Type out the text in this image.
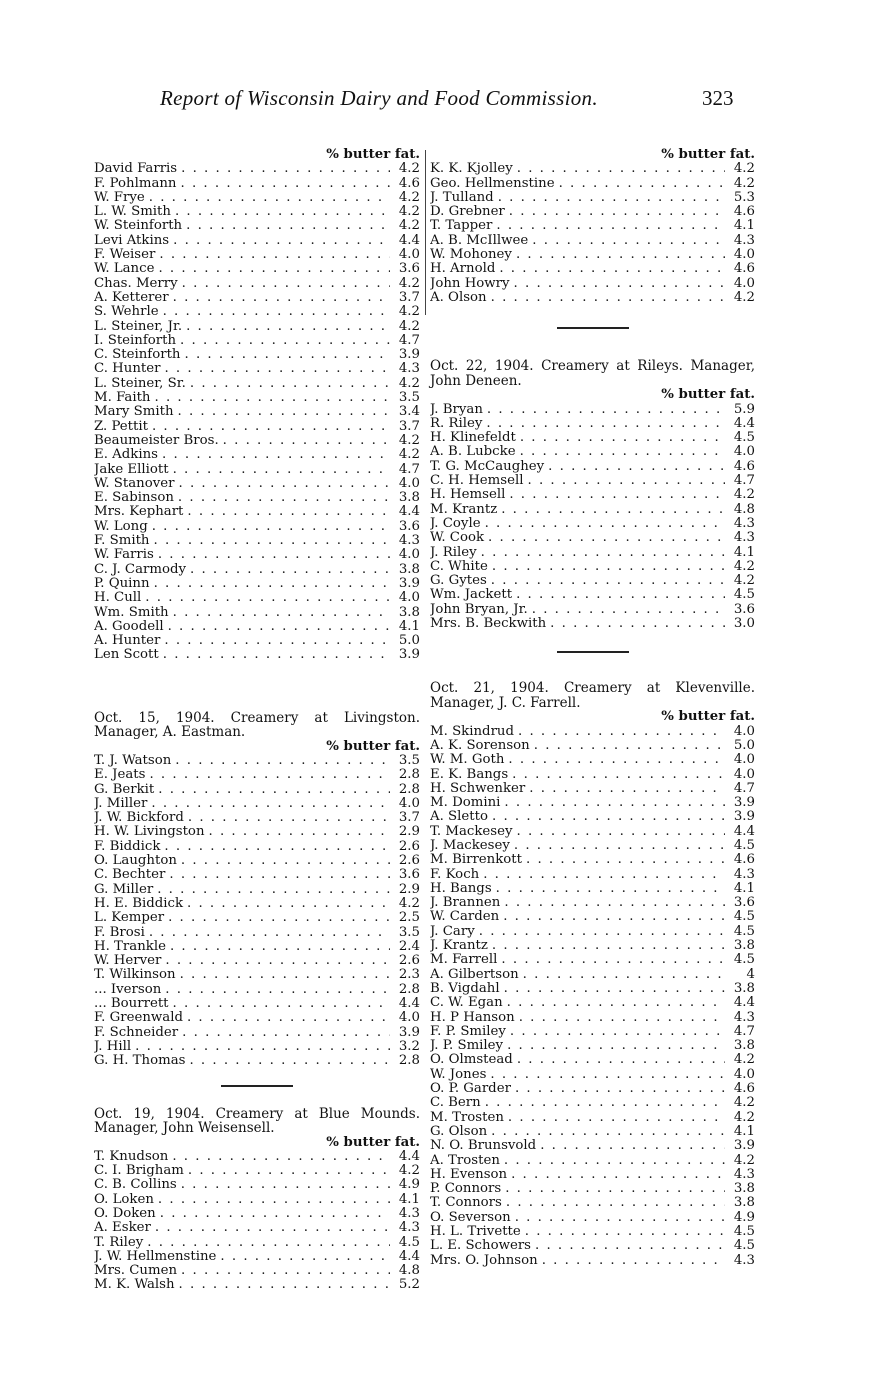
Report of Wisconsin Dairy and Food Commission.	323
% butter fat.
David Farris . . .	4.2
F. Pohlmann . . .	4.6
W. Frye . . .	4.2
L. W. Smith . . .	4.2
W. Steinforth . . .	4.2
Levi Atkins . . .	4.4
F. Weiser . . .	4.0
W. Lance . . .	3.6
Chas. Merry . . .	4.2
A. Ketterer . . .	3.7
S. Wehrle . . .	4.2
L. Steiner, Jr. . . .	4.2
I. Steinforth . . .	4.7
C. Steinforth . . .	3.9
C. Hunter . . .	4.3
L. Steiner, Sr. . . .	4.2
M. Faith . . .	3.5
Mary Smith . . .	3.4
Z. Pettit . . .	3.7
Beaumeister Bros. . . .	4.2
E. Adkins . . .	4.2
Jake Elliott . . .	4.7
W. Stanover . . .	4.0
E. Sabinson . . .	3.8
Mrs. Kephart . . .	4.4
W. Long . . .	3.6
F. Smith . . .	4.3
W. Farris . . .	4.0
C. J. Carmody . . .	3.8
P. Quinn . . .	3.9
H. Cull . . .	4.0
Wm. Smith . . .	3.8
A. Goodell . . .	4.1
A. Hunter . . .	5.0
Len Scott . . .	3.9
Oct. 15, 1904. Creamery at Livingston. Manager, A. Eastman.
% butter fat.
T. J. Watson . . .	3.5
E. Jeats . . .	2.8
G. Berkit . . .	2.8
J. Miller . . .	4.0
J. W. Bickford . . .	3.7
H. W. Livingston . . .	2.9
F. Biddick . . .	2.6
O. Laughton . . .	2.6
C. Bechter . . .	3.6
G. Miller . . .	2.9
H. E. Biddick . . .	4.2
L. Kemper . . .	2.5
F. Brosi . . .	3.5
H. Trankle . . .	2.4
W. Herver . . .	2.6
T. Wilkinson . . .	2.3
... Iverson . . .	2.8
... Bourrett . . .	4.4
F. Greenwald . . .	4.0
F. Schneider . . .	3.9
J. Hill . . .	3.2
G. H. Thomas . . .	2.8
Oct. 19, 1904. Creamery at Blue Mounds. Manager, John Weisensell.
% butter fat.
T. Knudson . . .	4.4
C. I. Brigham . . .	4.2
C. B. Collins . . .	4.9
O. Loken . . .	4.1
O. Doken . . .	4.3
A. Esker . . .	4.3
T. Riley . . .	4.5
J. W. Hellmenstine . . .	4.4
Mrs. Cumen . . .	4.8
M. K. Walsh . . .	5.2
% butter fat.
K. K. Kjolley . . .	4.2
Geo. Hellmenstine . . .	4.2
J. Tulland . . .	5.3
D. Grebner . . .	4.6
T. Tapper . . .	4.1
A. B. McIllwee . . .	4.3
W. Mohoney . . .	4.0
H. Arnold . . .	4.6
John Howry . . .	4.0
A. Olson . . .	4.2
Oct. 22, 1904. Creamery at Rileys. Manager, John Deneen.
% butter fat.
J. Bryan . . .	5.9
R. Riley . . .	4.4
H. Klinefeldt . . .	4.5
A. B. Lubcke . . .	4.0
T. G. McCaughey . . .	4.6
C. H. Hemsell . . .	4.7
H. Hemsell . . .	4.2
M. Krantz . . .	4.8
J. Coyle . . .	4.3
W. Cook . . .	4.3
J. Riley . . .	4.1
C. White . . .	4.2
G. Gytes . . .	4.2
Wm. Jackett . . .	4.5
John Bryan, Jr. . . .	3.6
Mrs. B. Beckwith . . .	3.0
Oct. 21, 1904. Creamery at Klevenville. Manager, J. C. Farrell.
% butter fat.
M. Skindrud . . .	4.0
A. K. Sorenson . . .	5.0
W. M. Goth . . .	4.0
E. K. Bangs . . .	4.0
H. Schwenker . . .	4.7
M. Domini . . .	3.9
A. Sletto . . .	3.9
T. Mackesey . . .	4.4
J. Mackesey . . .	4.5
M. Birrenkott . . .	4.6
F. Koch . . .	4.3
H. Bangs . . .	4.1
J. Brannen . . .	3.6
W. Carden . . .	4.5
J. Cary . . .	4.5
J. Krantz . . .	3.8
M. Farrell . . .	4.5
A. Gilbertson . . .	4
B. Vigdahl . . .	3.8
C. W. Egan . . .	4.4
H. P Hanson . . .	4.3
F. P. Smiley . . .	4.7
J. P. Smiley . . .	3.8
O. Olmstead . . .	4.2
W. Jones . . .	4.0
O. P. Garder . . .	4.6
C. Bern . . .	4.2
M. Trosten . . .	4.2
G. Olson . . .	4.1
N. O. Brunsvold . . .	3.9
A. Trosten . . .	4.2
H. Evenson . . .	4.3
P. Connors . . .	3.8
T. Connors . . .	3.8
O. Severson . . .	4.9
H. L. Trivette . . .	4.5
L. E. Schowers . . .	4.5
Mrs. O. Johnson . . .	4.3
